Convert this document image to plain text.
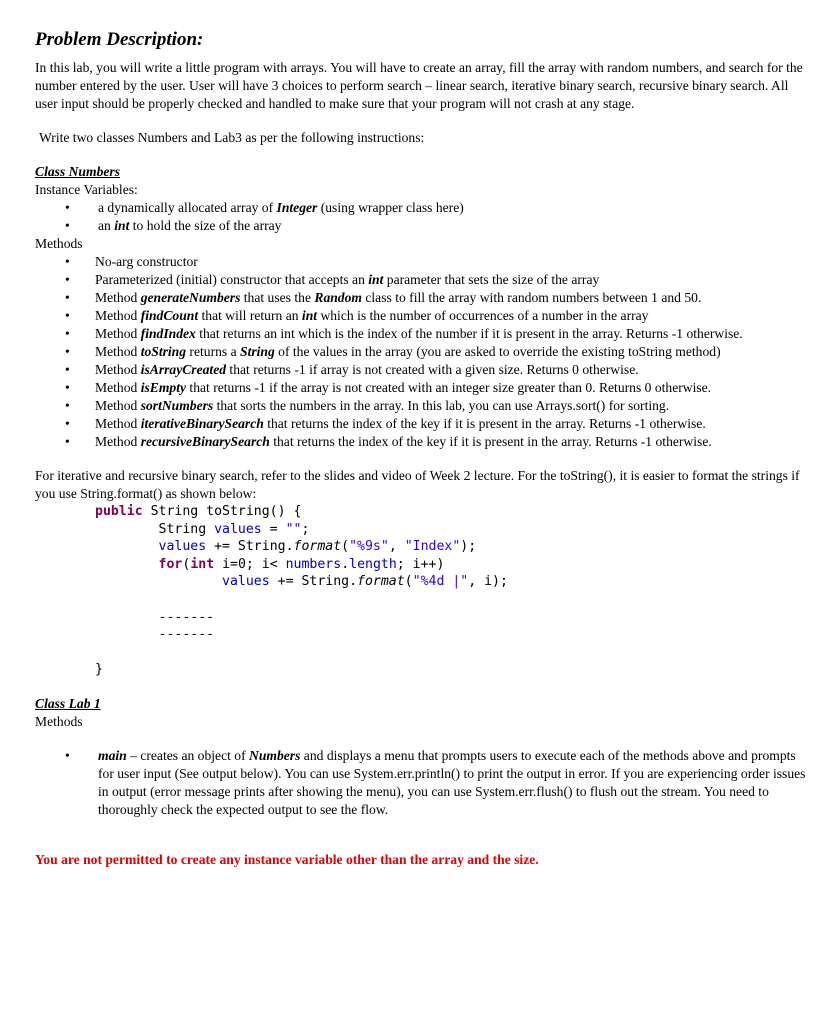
Problem Description:

In this lab, you will write a little program with arrays. You will have to create an array, fill the array with random numbers, and search for the number entered by the user. User will have 3 choices to perform search – linear search, iterative binary search, recursive binary search. All user input should be properly checked and handled to make sure that your program will not crash at any stage.

Write two classes Numbers and Lab3 as per the following instructions:

Class Numbers
Instance Variables:
• a dynamically allocated array of Integer (using wrapper class here)
• an int to hold the size of the array
Methods
• No-arg constructor
• Parameterized (initial) constructor that accepts an int parameter that sets the size of the array
• Method generateNumbers that uses the Random class to fill the array with random numbers between 1 and 50.
• Method findCount that will return an int which is the number of occurrences of a number in the array
• Method findIndex that returns an int which is the index of the number if it is present in the array. Returns -1 otherwise.
• Method toString returns a String of the values in the array (you are asked to override the existing toString method)
• Method isArrayCreated that returns -1 if array is not created with a given size. Returns 0 otherwise.
• Method isEmpty that returns -1 if the array is not created with an integer size greater than 0. Returns 0 otherwise.
• Method sortNumbers that sorts the numbers in the array. In this lab, you can use Arrays.sort() for sorting.
• Method iterativeBinarySearch that returns the index of the key if it is present in the array. Returns -1 otherwise.
• Method recursiveBinarySearch that returns the index of the key if it is present in the array. Returns -1 otherwise.

For iterative and recursive binary search, refer to the slides and video of Week 2 lecture. For the toString(), it is easier to format the strings if you use String.format() as shown below:

public String toString() {
String values = "";
values += String.format("%9s", "Index");
for(int i=0; i< numbers.length; i++)
values += String.format("%4d |", i);

-------
-------

}
Class Lab 1
Methods
• main – creates an object of Numbers and displays a menu that prompts users to execute each of the methods above and prompts for user input (See output below). You can use System.err.println() to print the output in error. If you are experiencing order issues in output (error message prints after showing the menu), you can use System.err.flush() to flush out the stream. You need to thoroughly check the expected output to see the flow.

You are not permitted to create any instance variable other than the array and the size.
